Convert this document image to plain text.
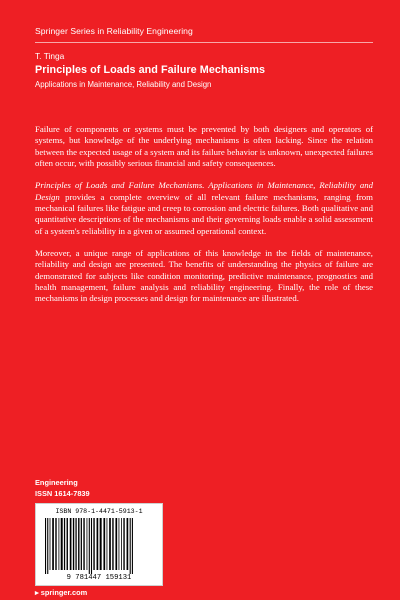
Springer Series in Reliability Engineering
T. Tinga
Principles of Loads and Failure Mechanisms
Applications in Maintenance, Reliability and Design

Failure of components or systems must be prevented by both designers and operators of systems, but knowledge of the underlying mechanisms is often lacking. Since the relation between the expected usage of a system and its failure behavior is unknown, unexpected failures often occur, with possibly serious financial and safety consequences.

Principles of Loads and Failure Mechanisms. Applications in Maintenance, Reliability and Design provides a complete overview of all relevant failure mechanisms, ranging from mechanical failures like fatigue and creep to corrosion and electric failures. Both qualitative and quantitative descriptions of the mechanisms and their governing loads enable a solid assessment of a system's reliability in a given or assumed operational context.

Moreover, a unique range of applications of this knowledge in the fields of maintenance, reliability and design are presented. The benefits of understanding the physics of failure are demonstrated for subjects like condition monitoring, predictive maintenance, prognostics and health management, failure analysis and reliability engineering. Finally, the role of these mechanisms in design processes and design for maintenance are illustrated.

Engineering
ISSN 1614-7839
ISBN 978-1-4471-5913-1
9 781447 159131
▸ springer.com
